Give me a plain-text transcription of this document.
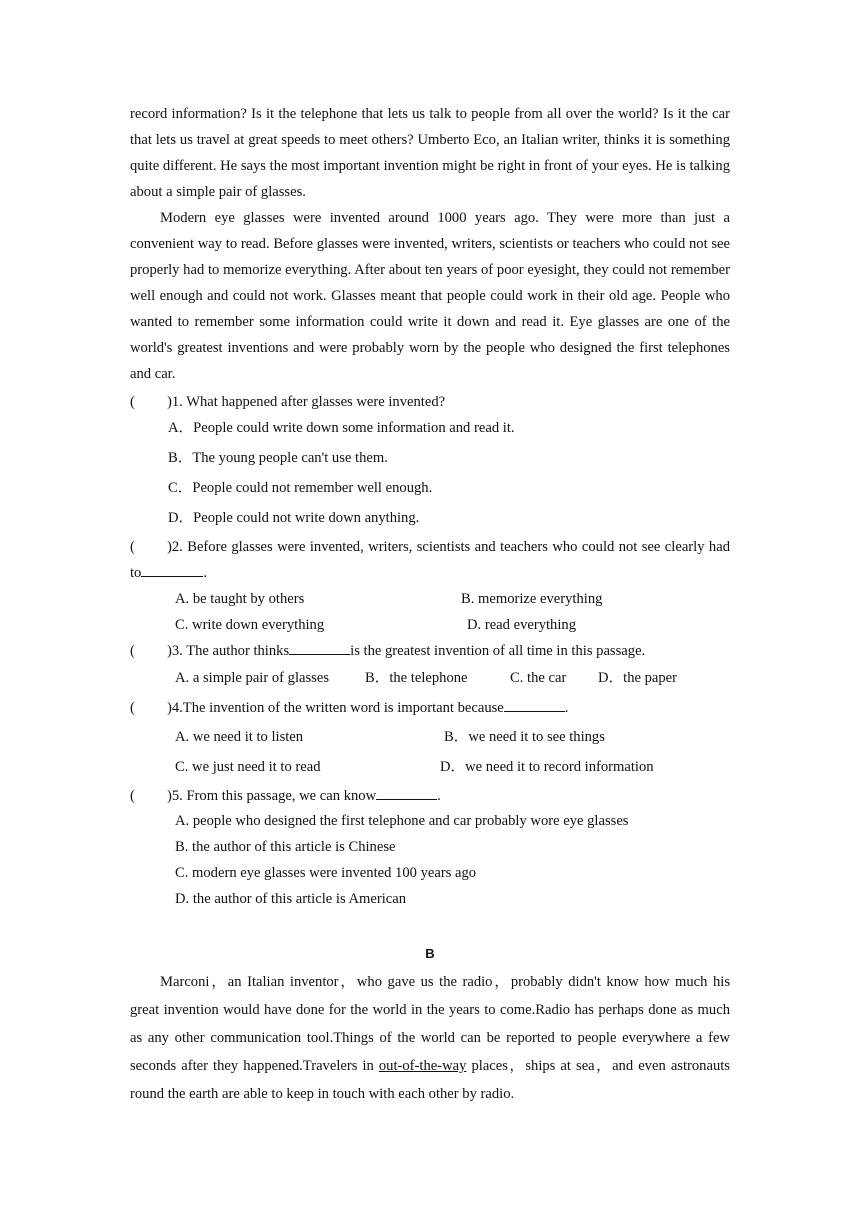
record information? Is it the telephone that lets us talk to people from all over the world? Is it the car that lets us travel at great speeds to meet others? Umberto Eco, an Italian writer, thinks it is something quite different. He says the most important invention might be right in front of your eyes. He is talking about a simple pair of glasses.

Modern eye glasses were invented around 1000 years ago. They were more than just a convenient way to read. Before glasses were invented, writers, scientists or teachers who could not see properly had to memorize everything. After about ten years of poor eyesight, they could not remember well enough and could not work. Glasses meant that people could work in their old age. People who wanted to remember some information could write it down and read it. Eye glasses are one of the world's greatest inventions and were probably worn by the people who designed the first telephones and car.

( )1. What happened after glasses were invented?

A．People could write down some information and read it.
B．The young people can't use them.
C．People could not remember well enough.
D．People could not write down anything.

( )2. Before glasses were invented, writers, scientists and teachers who could not see clearly had to	.

A. be taught by others	B. memorize everything
C. write down everything	D. read everything

( )3. The author thinks	is the greatest invention of all time in this passage.

A. a simple pair of glasses B．the telephone	C. the car D．the paper

( )4.The invention of the written word is important because	.

A. we need it to listen	B．we need it to see things
C. we just need it to read	D．we need it to record information

( )5. From this passage, we can know	.

A. people who designed the first telephone and car probably wore eye glasses
B. the author of this article is Chinese
C. modern eye glasses were invented 100 years ago
D. the author of this article is American
B

Marconi，an Italian inventor，who gave us the radio，probably didn't know how much his great invention would have done for the world in the years to come.Radio has perhaps done as much as any other communication tool.Things of the world can be reported to people everywhere a few seconds after they happened.Travelers in out-of-the-way places，ships at sea，and even astronauts round the earth are able to keep in touch with each other by radio.
